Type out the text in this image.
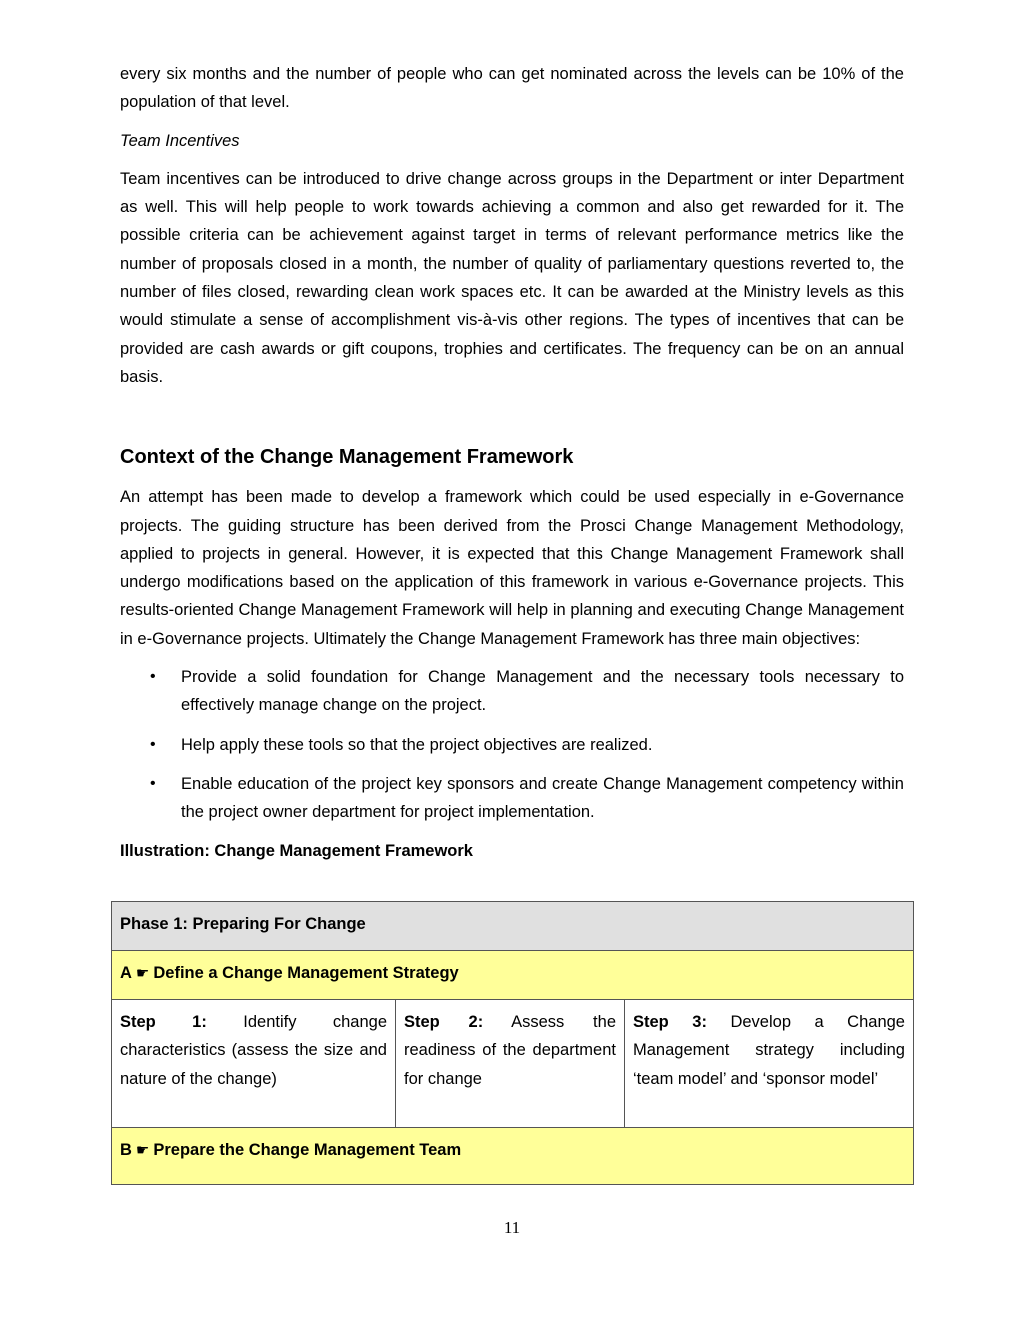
every six months and the number of people who can get nominated across the levels can be 10% of the population of that level.

Team Incentives

Team incentives can be introduced to drive change across groups in the Department or inter Department as well. This will help people to work towards achieving a common and also get rewarded for it. The possible criteria can be achievement against target in terms of relevant performance metrics like the number of proposals closed in a month, the number of quality of parliamentary questions reverted to, the number of files closed, rewarding clean work spaces etc. It can be awarded at the Ministry levels as this would stimulate a sense of accomplishment vis-à-vis other regions. The types of incentives that can be provided are cash awards or gift coupons, trophies and certificates. The frequency can be on an annual basis.

Context of the Change Management Framework

An attempt has been made to develop a framework which could be used especially in e-Governance projects. The guiding structure has been derived from the Prosci Change Management Methodology, applied to projects in general. However, it is expected that this Change Management Framework shall undergo modifications based on the application of this framework in various e-Governance projects. This results-oriented Change Management Framework will help in planning and executing Change Management in e-Governance projects. Ultimately the Change Management Framework has three main objectives:

• Provide a solid foundation for Change Management and the necessary tools necessary to effectively manage change on the project.
• Help apply these tools so that the project objectives are realized.
• Enable education of the project key sponsors and create Change Management competency within the project owner department for project implementation.
Illustration: Change Management Framework
Phase 1: Preparing For Change
A ☛ Define a Change Management Strategy
Step 1: Identify change characteristics (assess the size and nature of the change)	Step 2: Assess the readiness of the department for change	Step 3: Develop a Change Management strategy including ‘team model’ and ‘sponsor model’
B ☛ Prepare the Change Management Team
11
